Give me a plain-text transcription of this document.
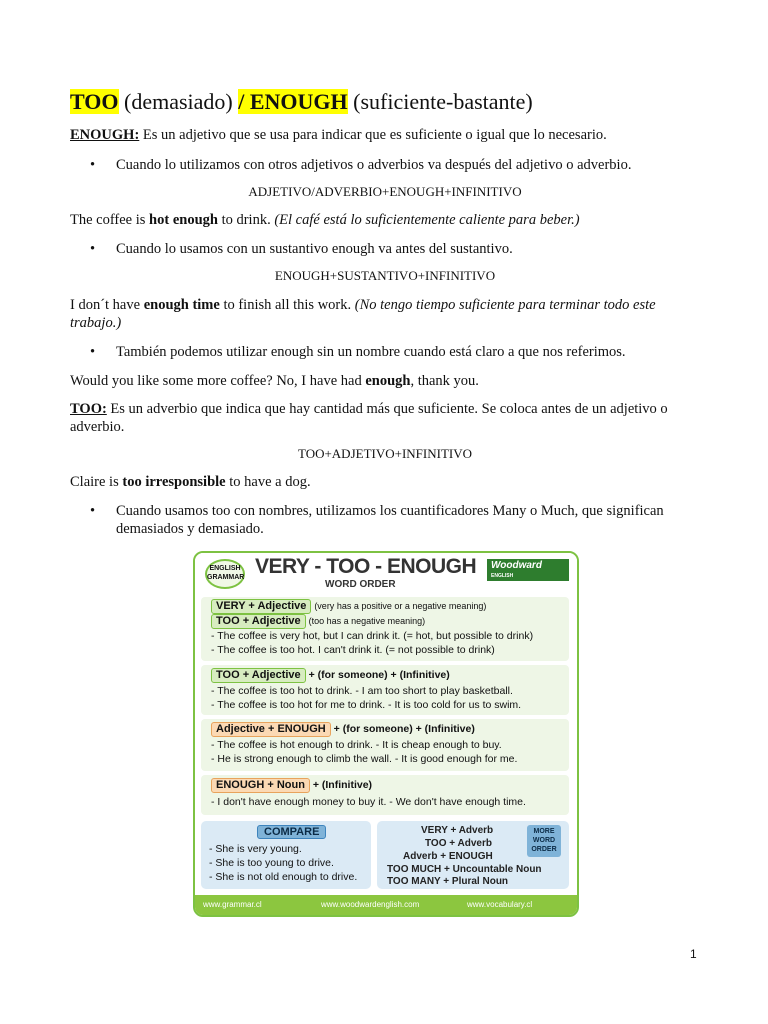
TOO (demasiado) / ENOUGH (suficiente-bastante)
ENOUGH: Es un adjetivo que se usa para indicar que es suficiente o igual que lo necesario.
• Cuando lo utilizamos con otros adjetivos o adverbios va después del adjetivo o adverbio.
ADJETIVO/ADVERBIO+ENOUGH+INFINITIVO
The coffee is hot enough to drink. (El café está lo suficientemente caliente para beber.)
• Cuando lo usamos con un sustantivo enough va antes del sustantivo.
ENOUGH+SUSTANTIVO+INFINITIVO
I don´t have enough time to finish all this work. (No tengo tiempo suficiente para terminar todo este trabajo.)
• También podemos utilizar enough sin un nombre cuando está claro a que nos referimos.
Would you like some more coffee? No, I have had enough, thank you.
TOO: Es un adverbio que indica que hay cantidad más que suficiente. Se coloca antes de un adjetivo o adverbio.
TOO+ADJETIVO+INFINITIVO
Claire is too irresponsible to have a dog.
• Cuando usamos too con nombres, utilizamos los cuantificadores Many o Much, que significan demasiados y demasiado.
ENGLISH GRAMMAR VERY - TOO - ENOUGH
WORD ORDER
Woodward
ENGLISH
VERY + Adjective (very has a positive or a negative meaning)
TOO + Adjective (too has a negative meaning)
- The coffee is very hot, but I can drink it. (= hot, but possible to drink)
- The coffee is too hot. I can't drink it. (= not possible to drink)
TOO + Adjective + (for someone) + (Infinitive)
- The coffee is too hot to drink. - I am too short to play basketball.
- The coffee is too hot for me to drink. - It is too cold for us to swim.
Adjective + ENOUGH + (for someone) + (Infinitive)
- The coffee is hot enough to drink. - It is cheap enough to buy.
- He is strong enough to climb the wall. - It is good enough for me.
ENOUGH + Noun + (Infinitive)
- I don't have enough money to buy it. - We don't have enough time.
COMPARE
- She is very young.
- She is too young to drive.
- She is not old enough to drive.
VERY + Adverb
TOO + Adverb
Adverb + ENOUGH
TOO MUCH + Uncountable Noun
TOO MANY + Plural Noun
MORE WORD ORDER
www.grammar.cl	www.woodwardenglish.com	www.vocabulary.cl
1
